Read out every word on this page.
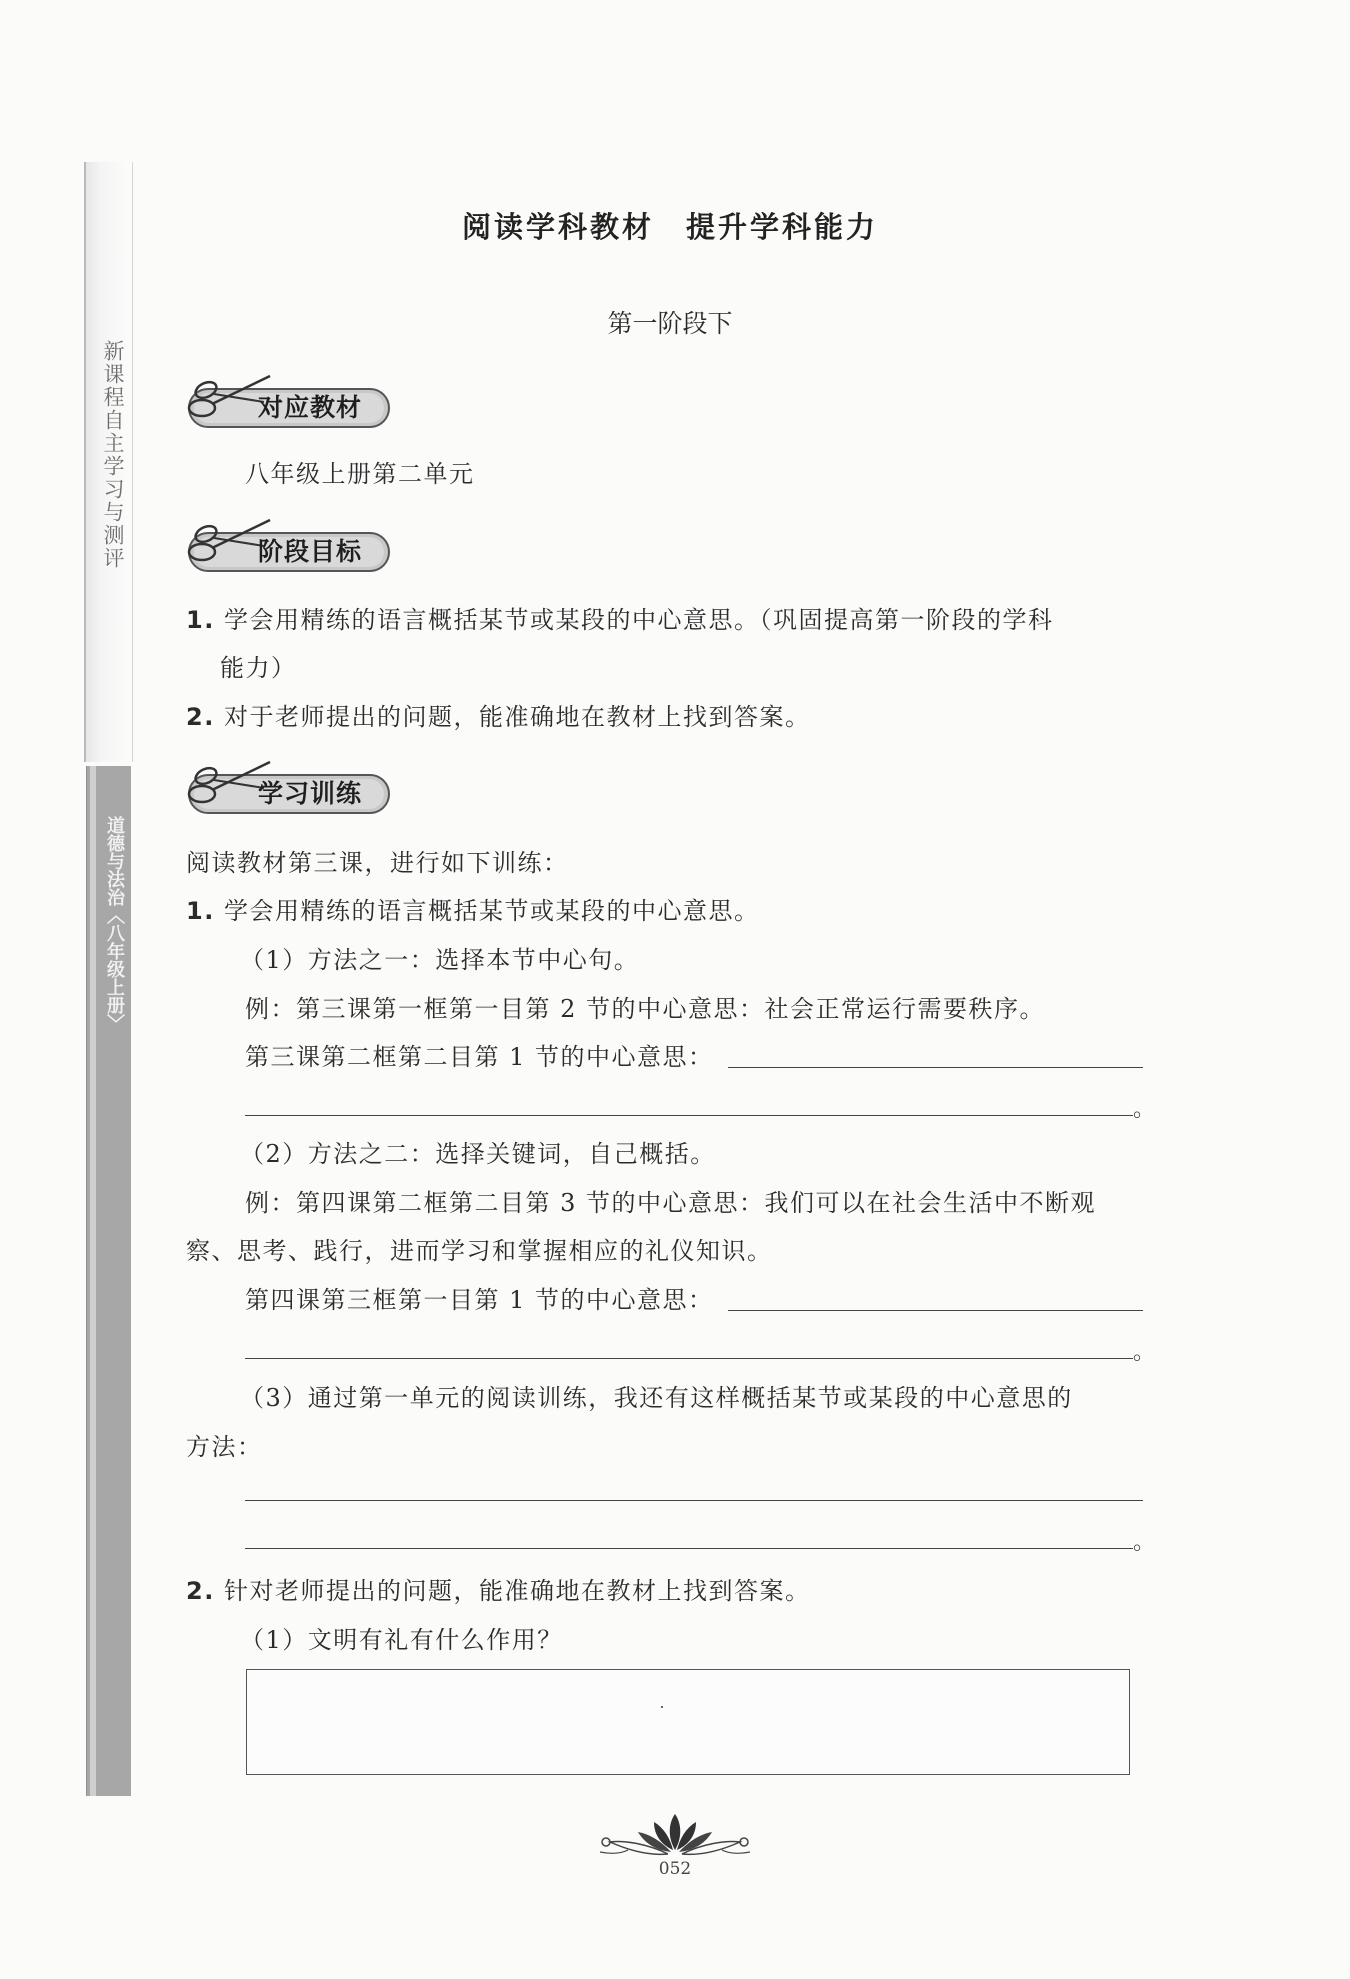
新课程自主学习与测评
道德与法治〈八年级上册〉
阅读学科教材　提升学科能力
第一阶段下
对应教材
八年级上册第二单元
阶段目标
1. 学会用精练的语言概括某节或某段的中心意思。（巩固提高第一阶段的学科
能力）
2. 对于老师提出的问题，能准确地在教材上找到答案。
学习训练
阅读教材第三课，进行如下训练：
1. 学会用精练的语言概括某节或某段的中心意思。
（1）方法之一：选择本节中心句。
例：第三课第一框第一目第 2 节的中心意思：社会正常运行需要秩序。
第三课第二框第二目第 1 节的中心意思：
。
（2）方法之二：选择关键词，自己概括。
例：第四课第二框第二目第 3 节的中心意思：我们可以在社会生活中不断观
察、思考、践行，进而学习和掌握相应的礼仪知识。
第四课第三框第一目第 1 节的中心意思：
。
（3）通过第一单元的阅读训练，我还有这样概括某节或某段的中心意思的
方法：
。
2. 针对老师提出的问题，能准确地在教材上找到答案。
（1）文明有礼有什么作用？
052
